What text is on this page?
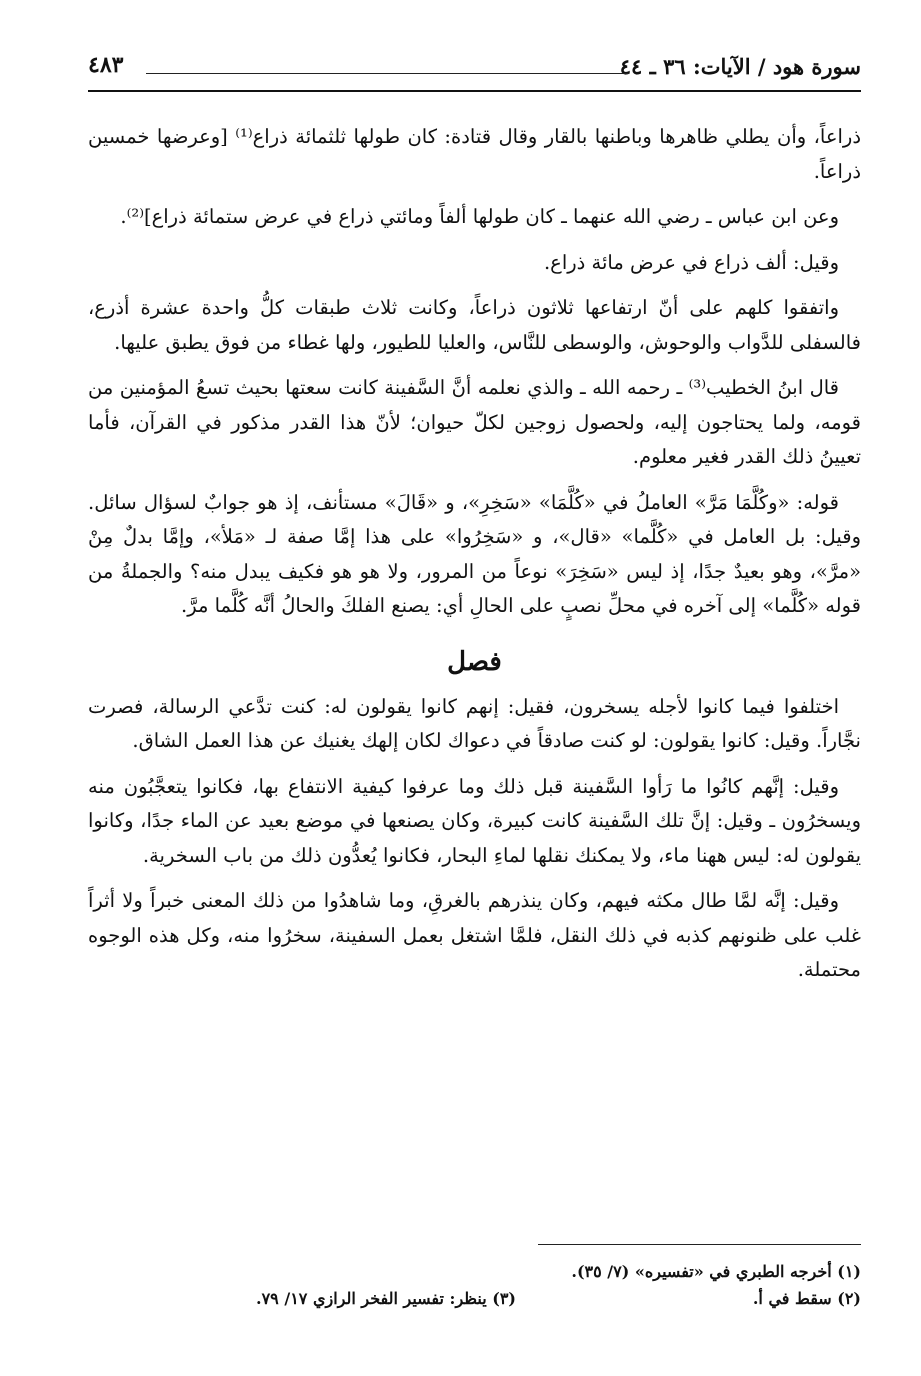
سورة هود / الآيات: ٣٦ ـ ٤٤
٤٨٣

ذراعاً، وأن يطلي ظاهرها وباطنها بالقار وقال قتادة: كان طولها ثلثمائة ذراع⁽¹⁾ [وعرضها خمسين ذراعاً.

وعن ابن عباس ـ رضي الله عنهما ـ كان طولها ألفاً ومائتي ذراع في عرض ستمائة ذراع]⁽²⁾.

وقيل: ألف ذراع في عرض مائة ذراع.

واتفقوا كلهم على أنّ ارتفاعها ثلاثون ذراعاً، وكانت ثلاث طبقات كلُّ واحدة عشرة أذرع، فالسفلى للدَّواب والوحوش، والوسطى للنَّاس، والعليا للطيور، ولها غطاء من فوق يطبق عليها.

قال ابنُ الخطيب⁽³⁾ ـ رحمه الله ـ والذي نعلمه أنَّ السَّفينة كانت سعتها بحيث تسعُ المؤمنين من قومه، ولما يحتاجون إليه، ولحصول زوجين لكلّ حيوان؛ لأنّ هذا القدر مذكور في القرآن، فأما تعيينُ ذلك القدر فغير معلوم.

قوله: «وكُلَّمَا مَرَّ» العاملُ في «كُلَّمَا» «سَخِرِ»، و «قَالَ» مستأنف، إذ هو جوابٌ لسؤال سائل. وقيل: بل العامل في «كُلَّما» «قال»، و «سَخِرُوا» على هذا إمَّا صفة لـ «مَلأ»، وإمَّا بدلٌ مِنْ «مرَّ»، وهو بعيدٌ جدًا، إذ ليس «سَخِرَ» نوعاً من المرور، ولا هو هو فكيف يبدل منه؟ والجملةُ من قوله «كُلَّما» إلى آخره في محلِّ نصبٍ على الحالِ أي: يصنع الفلكَ والحالُ أنَّه كُلَّما مرَّ.

فصل

اختلفوا فيما كانوا لأجله يسخرون، فقيل: إنهم كانوا يقولون له: كنت تدَّعي الرسالة، فصرت نجَّاراً. وقيل: كانوا يقولون: لو كنت صادقاً في دعواك لكان إلهك يغنيك عن هذا العمل الشاق.

وقيل: إنَّهم كانُوا ما رَأوا السَّفينة قبل ذلك وما عرفوا كيفية الانتفاع بها، فكانوا يتعجَّبُون منه ويسخرُون ـ وقيل: إنَّ تلك السَّفينة كانت كبيرة، وكان يصنعها في موضع بعيد عن الماء جدًا، وكانوا يقولون له: ليس ههنا ماء، ولا يمكنك نقلها لماءِ البحار، فكانوا يُعدُّون ذلك من باب السخرية.

وقيل: إنَّه لمَّا طال مكثه فيهم، وكان ينذرهم بالغرقِ، وما شاهدُوا من ذلك المعنى خبراً ولا أثراً غلب على ظنونهم كذبه في ذلك النقل، فلمَّا اشتغل بعمل السفينة، سخرُوا منه، وكل هذه الوجوه محتملة.

(١) أخرجه الطبري في «تفسيره» (٧/ ٣٥).
(٢) سقط في أ.
(٣) ينظر: تفسير الفخر الرازي ١٧/ ٧٩.
